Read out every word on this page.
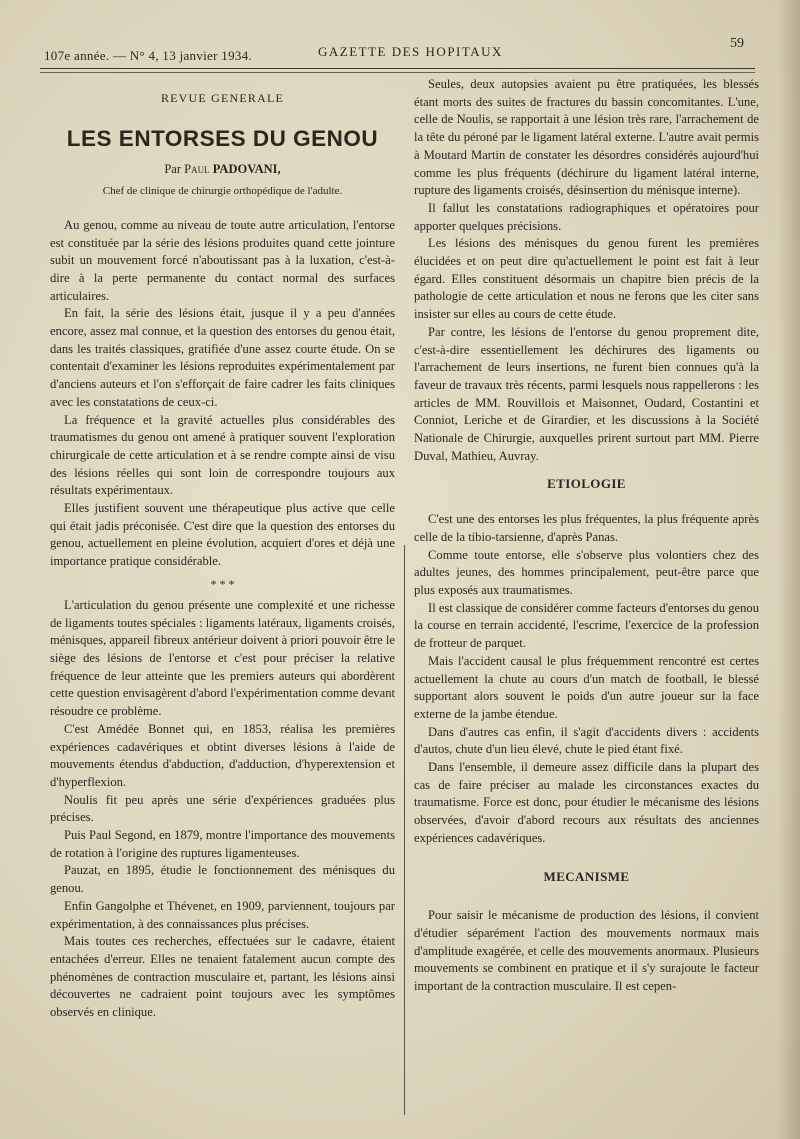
107e année. — N° 4, 13 janvier 1934.	GAZETTE DES HOPITAUX
59
REVUE GENERALE
LES ENTORSES DU GENOU
Par Paul PADOVANI,
Chef de clinique de chirurgie orthopédique de l'adulte.

Au genou, comme au niveau de toute autre articulation, l'entorse est constituée par la série des lésions produites quand cette jointure subit un mouvement forcé n'aboutissant pas à la luxation, c'est-à-dire à la perte permanente du contact normal des surfaces articulaires.

En fait, la série des lésions était, jusque il y a peu d'années encore, assez mal connue, et la question des entorses du genou était, dans les traités classiques, gratifiée d'une assez courte étude. On se contentait d'examiner les lésions reproduites expérimentalement par d'anciens auteurs et l'on s'efforçait de faire cadrer les faits cliniques avec les constatations de ceux-ci.

La fréquence et la gravité actuelles plus considérables des traumatismes du genou ont amené à pratiquer souvent l'exploration chirurgicale de cette articulation et à se rendre compte ainsi de visu des lésions réelles qui sont loin de correspondre toujours aux résultats expérimentaux.

Elles justifient souvent une thérapeutique plus active que celle qui était jadis préconisée. C'est dire que la question des entorses du genou, actuellement en pleine évolution, acquiert d'ores et déjà une importance pratique considérable.

* * *

L'articulation du genou présente une complexité et une richesse de ligaments toutes spéciales : ligaments latéraux, ligaments croisés, ménisques, appareil fibreux antérieur doivent à priori pouvoir être le siège des lésions de l'entorse et c'est pour préciser la relative fréquence de leur atteinte que les premiers auteurs qui abordèrent cette question envisagèrent d'abord l'expérimentation comme devant résoudre ce problème.

C'est Amédée Bonnet qui, en 1853, réalisa les premières expériences cadavériques et obtint diverses lésions à l'aide de mouvements étendus d'abduction, d'adduction, d'hyperextension et d'hyperflexion.

Noulis fit peu après une série d'expériences graduées plus précises.

Puis Paul Segond, en 1879, montre l'importance des mouvements de rotation à l'origine des ruptures ligamenteuses.

Pauzat, en 1895, étudie le fonctionnement des ménisques du genou.

Enfin Gangolphe et Thévenet, en 1909, parviennent, toujours par expérimentation, à des connaissances plus précises.

Mais toutes ces recherches, effectuées sur le cadavre, étaient entachées d'erreur. Elles ne tenaient fatalement aucun compte des phénomènes de contraction musculaire et, partant, les lésions ainsi découvertes ne cadraient point toujours avec les symptômes observés en clinique.

Seules, deux autopsies avaient pu être pratiquées, les blessés étant morts des suites de fractures du bassin concomitantes. L'une, celle de Noulis, se rapportait à une lésion très rare, l'arrachement de la tête du péroné par le ligament latéral externe. L'autre avait permis à Moutard Martin de constater les désordres considérés aujourd'hui comme les plus fréquents (déchirure du ligament latéral interne, rupture des ligaments croisés, désinsertion du ménisque interne).

Il fallut les constatations radiographiques et opératoires pour apporter quelques précisions.

Les lésions des ménisques du genou furent les premières élucidées et on peut dire qu'actuellement le point est fait à leur égard. Elles constituent désormais un chapitre bien précis de la pathologie de cette articulation et nous ne ferons que les citer sans insister sur elles au cours de cette étude.

Par contre, les lésions de l'entorse du genou proprement dite, c'est-à-dire essentiellement les déchirures des ligaments ou l'arrachement de leurs insertions, ne furent bien connues qu'à la faveur de travaux très récents, parmi lesquels nous rappellerons : les articles de MM. Rouvillois et Maisonnet, Oudard, Costantini et Conniot, Leriche et de Girardier, et les discussions à la Société Nationale de Chirurgie, auxquelles prirent surtout part MM. Pierre Duval, Mathieu, Auvray.

ETIOLOGIE

C'est une des entorses les plus fréquentes, la plus fréquente après celle de la tibio-tarsienne, d'après Panas.

Comme toute entorse, elle s'observe plus volontiers chez des adultes jeunes, des hommes principalement, peut-être parce que plus exposés aux traumatismes.

Il est classique de considérer comme facteurs d'entorses du genou la course en terrain accidenté, l'escrime, l'exercice de la profession de frotteur de parquet.

Mais l'accident causal le plus fréquemment rencontré est certes actuellement la chute au cours d'un match de football, le blessé supportant alors souvent le poids d'un autre joueur sur la face externe de la jambe étendue.

Dans d'autres cas enfin, il s'agit d'accidents divers : accidents d'autos, chute d'un lieu élevé, chute le pied étant fixé.

Dans l'ensemble, il demeure assez difficile dans la plupart des cas de faire préciser au malade les circonstances exactes du traumatisme. Force est donc, pour étudier le mécanisme des lésions observées, d'avoir d'abord recours aux résultats des anciennes expériences cadavériques.

MECANISME

Pour saisir le mécanisme de production des lésions, il convient d'étudier séparément l'action des mouvements normaux mais d'amplitude exagérée, et celle des mouvements anormaux. Plusieurs mouvements se combinent en pratique et il s'y surajoute le facteur important de la contraction musculaire. Il est cepen-
